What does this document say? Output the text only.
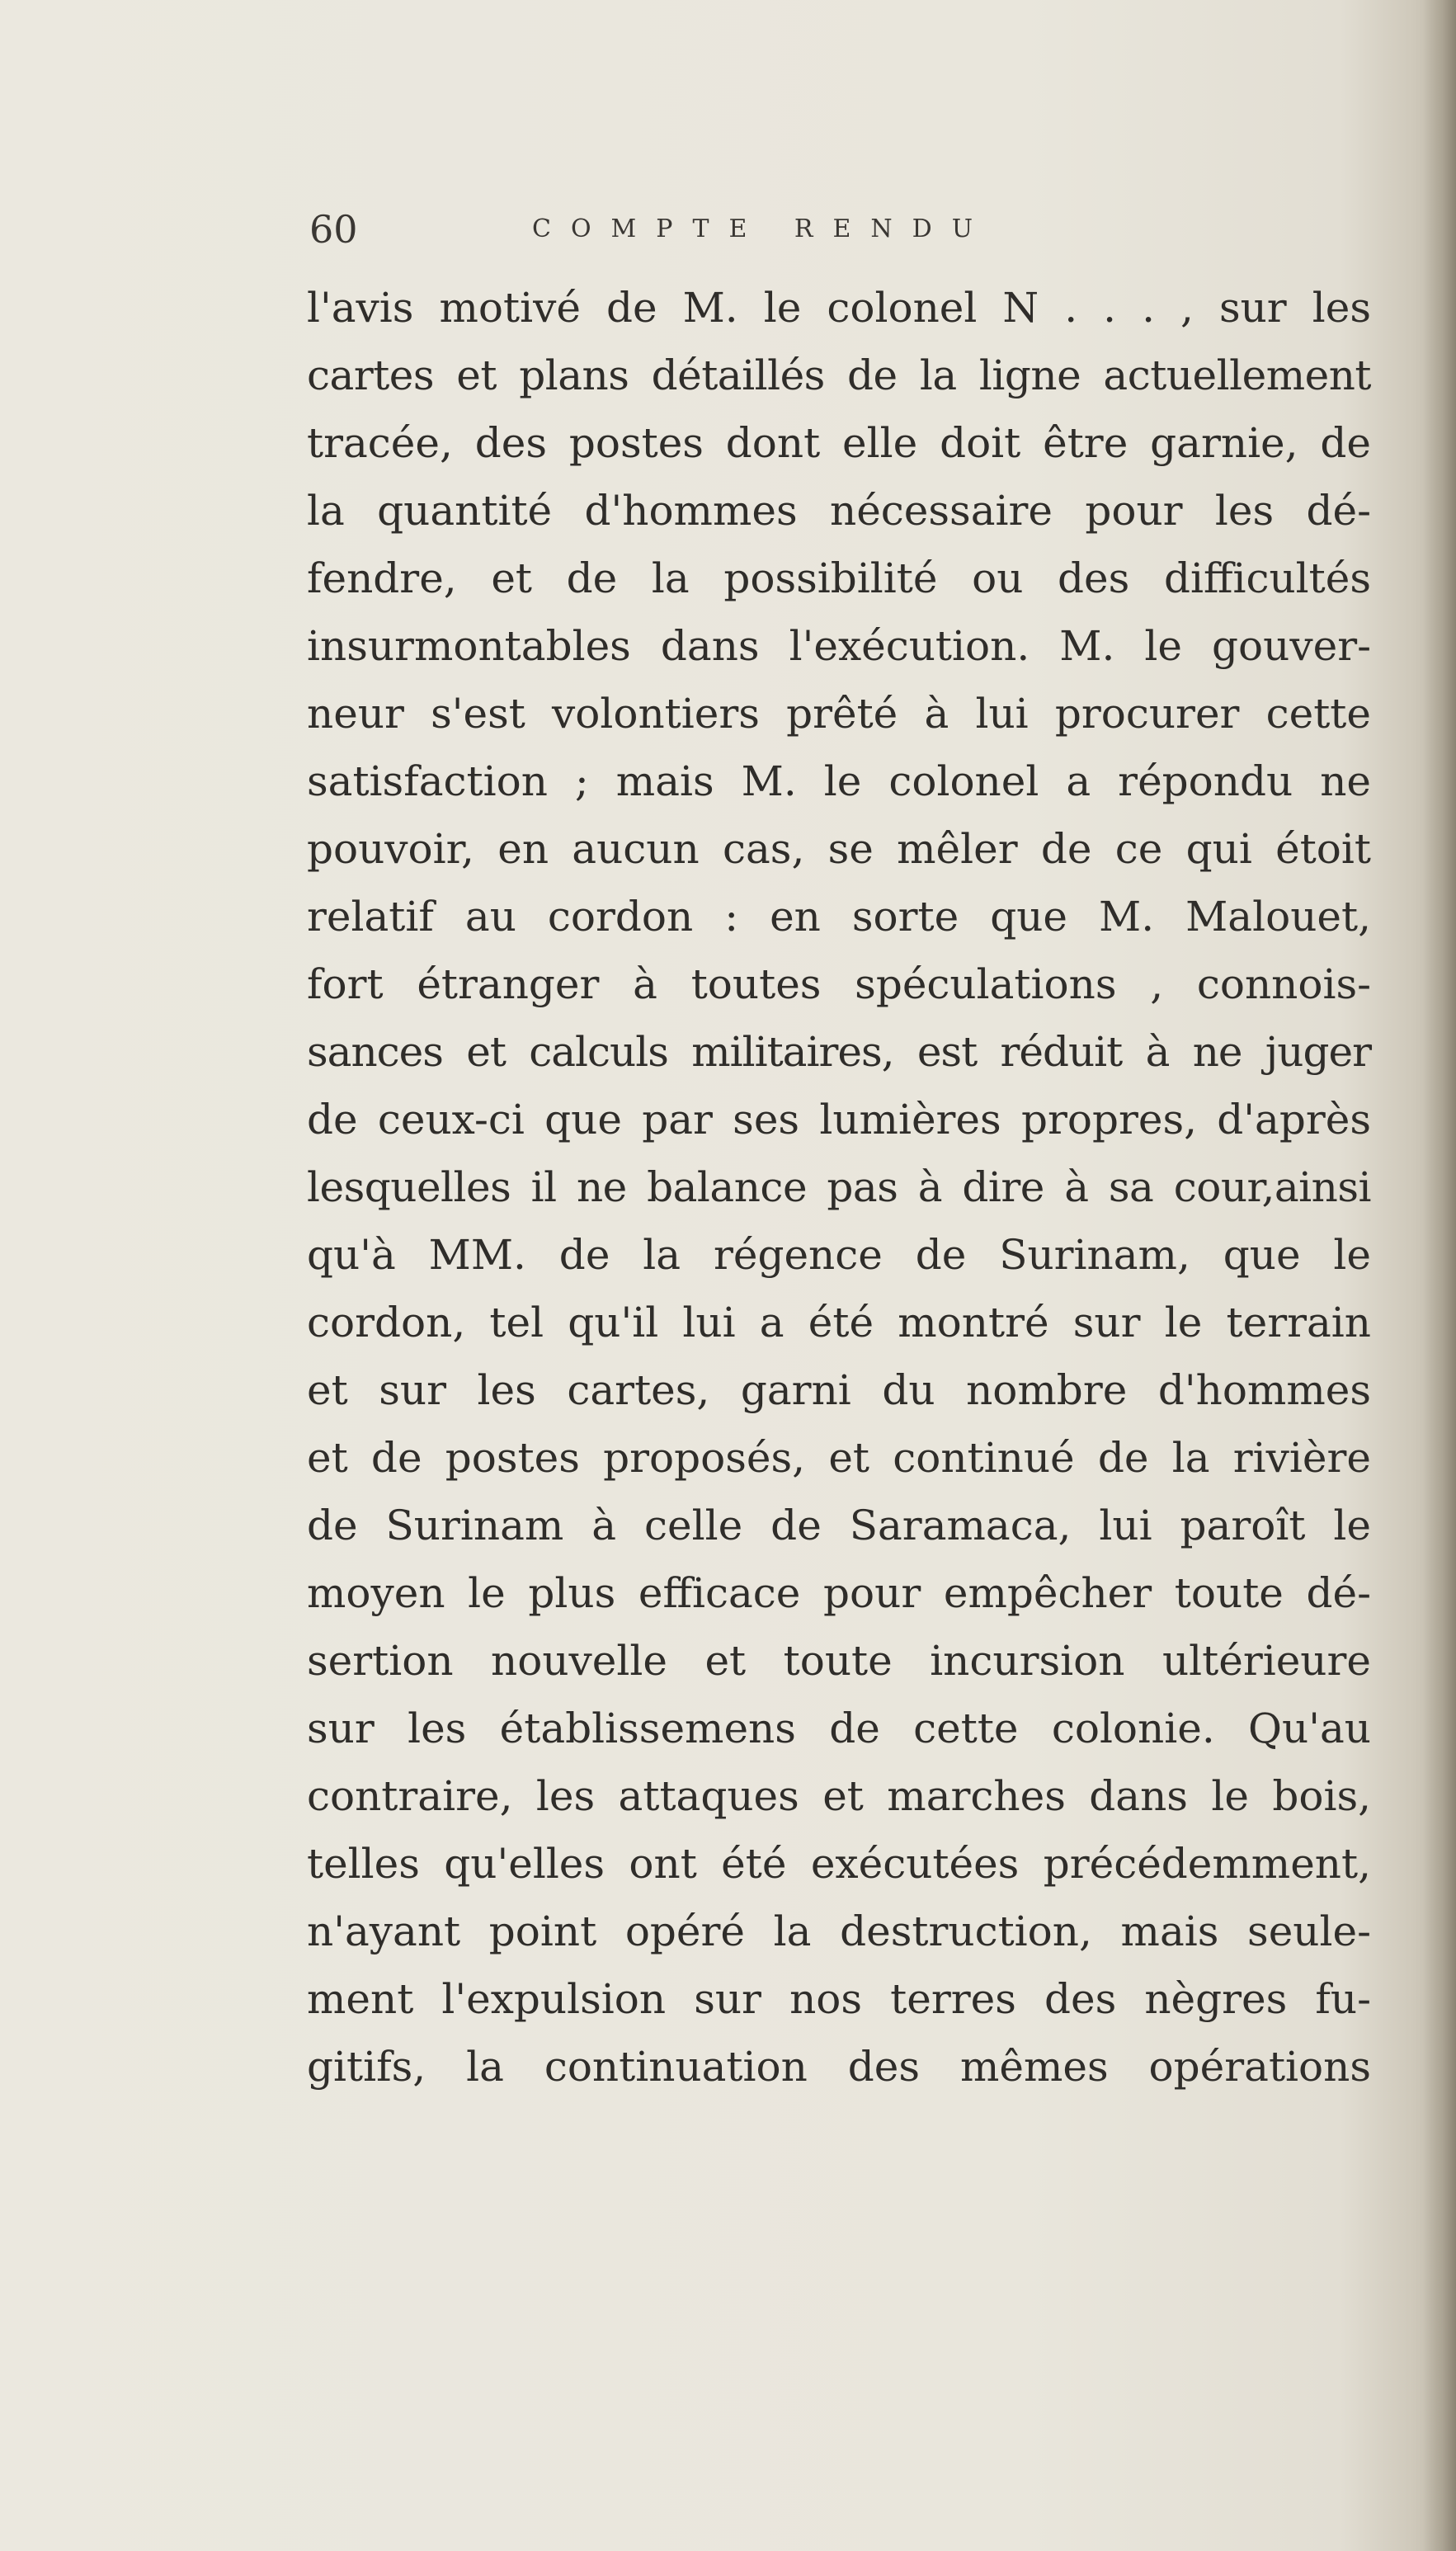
60	COMPTE RENDU
l'avis motivé de M. le colonel N . . . , sur les
cartes et plans détaillés de la ligne actuellement
tracée, des postes dont elle doit être garnie, de
la quantité d'hommes nécessaire pour les dé-
fendre, et de la possibilité ou des difficultés
insurmontables dans l'exécution. M. le gouver-
neur s'est volontiers prêté à lui procurer cette
satisfaction ; mais M. le colonel a répondu ne
pouvoir, en aucun cas, se mêler de ce qui étoit
relatif au cordon : en sorte que M. Malouet,
fort étranger à toutes spéculations , connois-
sances et calculs militaires, est réduit à ne juger
de ceux-ci que par ses lumières propres, d'après
lesquelles il ne balance pas à dire à sa cour,ainsi
qu'à MM. de la régence de Surinam, que le
cordon, tel qu'il lui a été montré sur le terrain
et sur les cartes, garni du nombre d'hommes
et de postes proposés, et continué de la rivière
de Surinam à celle de Saramaca, lui paroît le
moyen le plus efficace pour empêcher toute dé-
sertion nouvelle et toute incursion ultérieure
sur les établissemens de cette colonie. Qu'au
contraire, les attaques et marches dans le bois,
telles qu'elles ont été exécutées précédemment,
n'ayant point opéré la destruction, mais seule-
ment l'expulsion sur nos terres des nègres fu-
gitifs, la continuation des mêmes opérations
